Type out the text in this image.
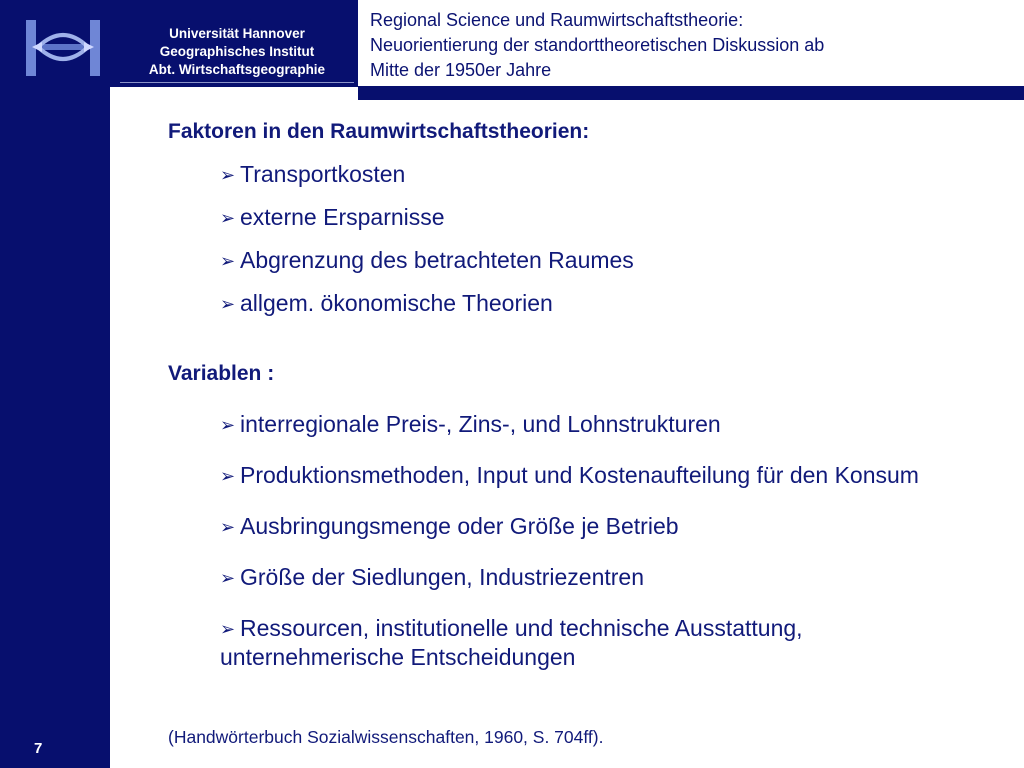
Universität Hannover
Geographisches Institut
Abt. Wirtschaftsgeographie
Regional Science und Raumwirtschaftstheorie:
Neuorientierung der standorttheoretischen Diskussion ab
Mitte der 1950er Jahre
Faktoren in den Raumwirtschaftstheorien:
➢ Transportkosten
➢ externe Ersparnisse
➢ Abgrenzung des betrachteten Raumes
➢ allgem. ökonomische Theorien
Variablen :
➢ interregionale Preis-, Zins-, und Lohnstrukturen
➢ Produktionsmethoden, Input und Kostenaufteilung für den Konsum
➢ Ausbringungsmenge oder Größe je Betrieb
➢ Größe der Siedlungen, Industriezentren
➢ Ressourcen, institutionelle und technische Ausstattung, unternehmerische Entscheidungen
(Handwörterbuch Sozialwissenschaften, 1960, S. 704ff).
7
